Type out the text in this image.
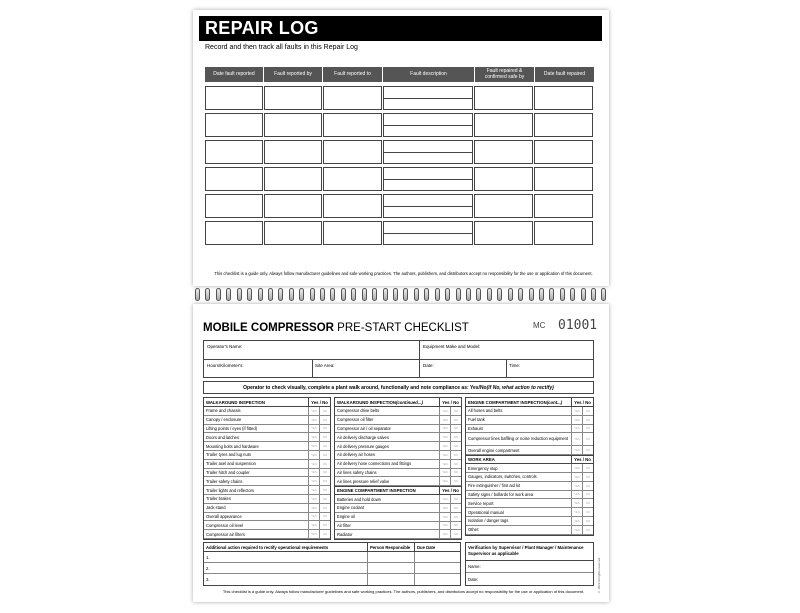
REPAIR LOG
Record and then track all faults in this Repair Log
Date fault reported	Fault reported by	Fault reported to	Fault description	Fault repaired & confirmed safe by	Date fault repaired
This checklist is a guide only. Always follow manufacturer guidelines and safe working practices. The authors, publishers, and distributors accept no responsibility for the use or application of this document.
MOBILE COMPRESSOR PRE-START CHECKLIST	MC 01001
Operator's Name:	Equipment Make and Model:
Hours/Kilometer's:	Site Area:	Date:	Time:
Operator to check visually, complete a plant walk around, functionally and note compliance as: Yes/No (if No, what action to rectify)
WALKAROUND INSPECTION	Yes / No
Frame and chassis	YES	NO
Canopy / enclosure	YES	NO
Lifting points / eyes (if fitted)	YES	NO
Doors and latches	YES	NO
Mounting bolts and hardware	YES	NO
Trailer tyres and lug nuts	YES	NO
Trailer axel and suspension	YES	NO
Trailer hitch and coupler	YES	NO
Trailer safety chains	YES	NO
Trailer lights and reflectors	YES	NO
Trailer brakes	YES	NO
Jack stand	YES	NO
Overall appearance	YES	NO
Compressor oil level	YES	NO
Compressor air filters	YES	NO
WALKAROUND INSPECTION (continued...)	Yes / No
Compressor drive belts	YES	NO
Compressor oil filter	YES	NO
Compressor air / oil separator	YES	NO
Air delivery discharge valves	YES	NO
Air delivery pressure gauges	YES	NO
Air delivery air hoses	YES	NO
Air delivery hose connections and fittings	YES	NO
Air lines safety chains	YES	NO
Air lines pressure relief valve	YES	NO
ENGINE COMPARTMENT INSPECTION	Yes / No
Batteries and hold down	YES	NO
Engine coolant	YES	NO
Engine oil	YES	NO
Air filter	YES	NO
Radiator	YES	NO
ENGINE COMPARTMENT INSPECTION (cont...)	Yes / No
All hoses and belts	YES	NO
Fuel tank	YES	NO
Exhaust	YES	NO
Compressor lines baffling or noise reduction equipment	YES	NO
Overall engine compartment	YES	NO
WORK AREA	Yes / No
Emergency stop	YES	NO
Gauges, indicators, switches, controls	YES	NO
Fire extinguisher / first aid kit	YES	NO
Safety signs / bollards for work area	YES	NO
Service report	YES	NO
Operational manual	YES	NO
Isolation / danger tags	YES	NO
Other:	YES	NO
Additional action required to rectify operational requirements	Person Responsible	Due Date
1.
2.
3.
Verification by Supervisor / Plant Manager / Maintenance Supervisor as applicable
Name:
Date:
This checklist is a guide only. Always follow manufacturer guidelines and safe working practices. The authors, publishers, and distributors accept no responsibility for the use or application of this document.	© 2022 All rights reserved.
